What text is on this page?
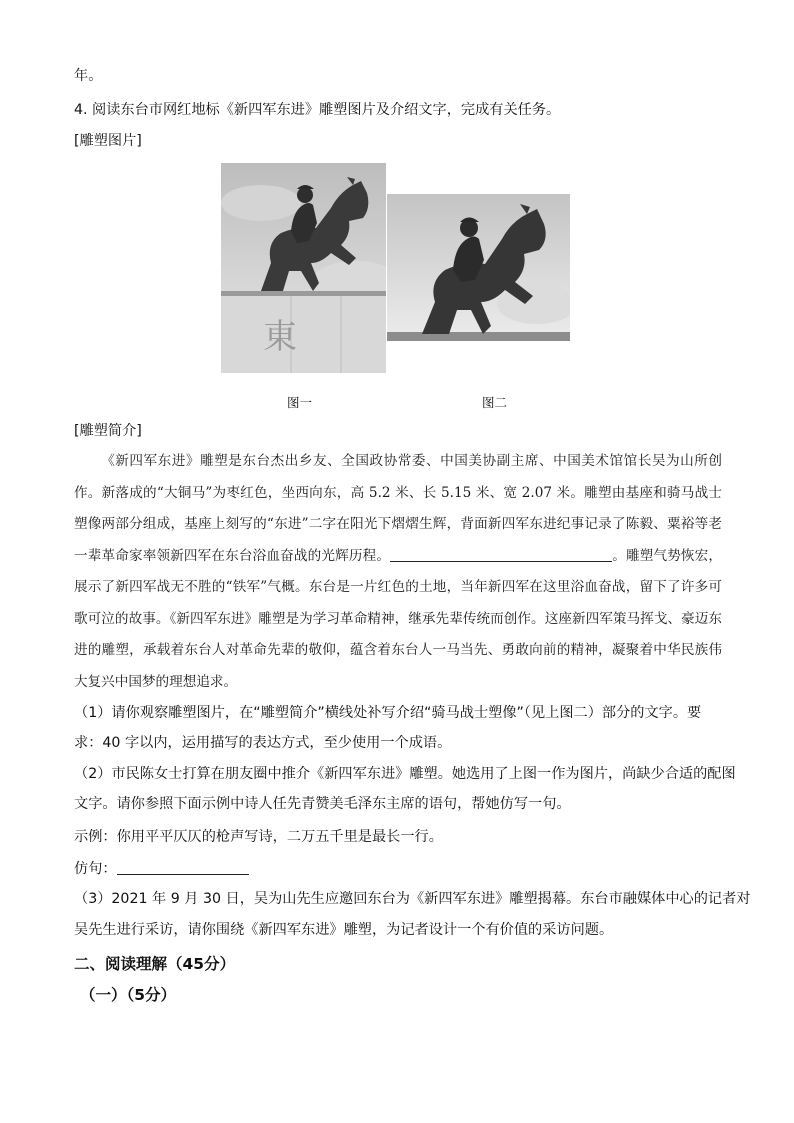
年。
4. 阅读东台市网红地标《新四军东进》雕塑图片及介绍文字，完成有关任务。
[雕塑图片]
東
图一	图二
[雕塑简介]

《新四军东进》雕塑是东台杰出乡友、全国政协常委、中国美协副主席、中国美术馆馆长吴为山所创作。新落成的“大铜马”为枣红色，坐西向东，高 5.2 米、长 5.15 米、宽 2.07 米。雕塑由基座和骑马战士塑像两部分组成，基座上刻写的“东进”二字在阳光下熠熠生辉，背面新四军东进纪事记录了陈毅、粟裕等老一辈革命家率领新四军在东台浴血奋战的光辉历程。	。雕塑气势恢宏，展示了新四军战无不胜的“铁军”气概。东台是一片红色的土地，当年新四军在这里浴血奋战，留下了许多可歌可泣的故事。《新四军东进》雕塑是为学习革命精神，继承先辈传统而创作。这座新四军策马挥戈、豪迈东进的雕塑，承载着东台人对革命先辈的敬仰，蕴含着东台人一马当先、勇敢向前的精神，凝聚着中华民族伟大复兴中国梦的理想追求。

（1）请你观察雕塑图片，在“雕塑简介”横线处补写介绍“骑马战士塑像”（见上图二）部分的文字。要
求：40 字以内，运用描写的表达方式，至少使用一个成语。
（2）市民陈女士打算在朋友圈中推介《新四军东进》雕塑。她选用了上图一作为图片，尚缺少合适的配图
文字。请你参照下面示例中诗人任先青赞美毛泽东主席的语句，帮她仿写一句。
示例：你用平平仄仄的枪声写诗，二万五千里是最长一行。
仿句：
（3）2021 年 9 月 30 日，吴为山先生应邀回东台为《新四军东进》雕塑揭幕。东台市融媒体中心的记者对
吴先生进行采访，请你围绕《新四军东进》雕塑，为记者设计一个有价值的采访问题。
二、阅读理解（45分）
（一）（5分）
